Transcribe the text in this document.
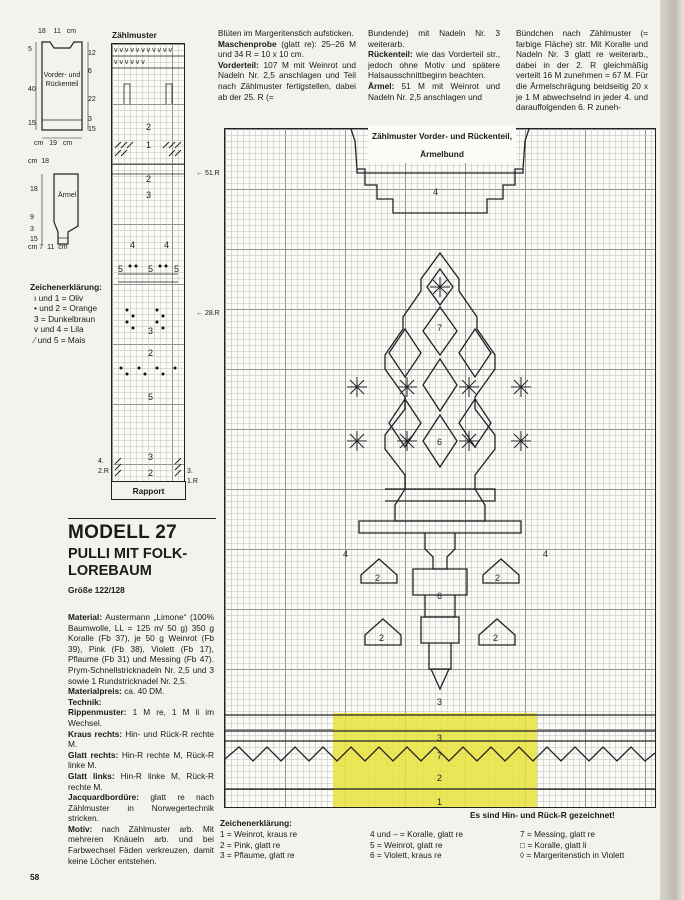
18 11 cm
40
5
15
12
6
22
3
15
Vorder- und Rückenteil
cm 19 cm
cm 18
18
9
3
15
Ärmel
cm 7 11 cm
Zeichenerklärung:
ı und 1 = Oliv
• und 2 = Orange
3 = Dunkelbraun
v und 4 = Lila
⁄ und 5 = Mais
Zählmuster
2
1
2
3
4	4
5	5 5
3
2
5
3
2
v v v v v v v v v v v
v v v v v v
Rapport
← 51.R
← 28.R
4.
2.R	3.
1.R
MODELL 27
PULLI MIT FOLK-LOREBAUM
Größe 122/128
Material: Austermann „Limone“ (100% Baumwolle, LL = 125 m/ 50 g) 350 g Koralle (Fb 37), je 50 g Weinrot (Fb 39), Pink (Fb 38), Violett (Fb 17), Pflaume (Fb 31) und Messing (Fb 47). Prym-Schnellstricknadeln Nr. 2,5 und 3 sowie 1 Rundstricknadel Nr. 2,5.
Materialpreis: ca. 40 DM.
Technik:
Rippenmuster: 1 M re, 1 M li im Wechsel.
Kraus rechts: Hin- und Rück-R rechte M.
Glatt rechts: Hin-R rechte M, Rück-R linke M.
Glatt links: Hin-R linke M, Rück-R rechte M.
Jacquardbordüre: glatt re nach Zählmuster in Norwegertechnik stricken.
Motiv: nach Zählmuster arb. Mit mehreren Knäueln arb. und bei Farbwechsel Fäden verkreuzen, damit keine Löcher entstehen.
Blüten im Margeritenstich aufsticken.
Maschenprobe (glatt re): 25–26 M und 34 R = 10 x 10 cm.
Vorderteil: 107 M mit Weinrot und Nadeln Nr. 2,5 anschlagen und Teil nach Zählmuster fertigstellen, dabei ab der 25. R (=
Bundende) mit Nadeln Nr. 3 weiterarb.
Rückenteil: wie das Vorderteil str., jedoch ohne Motiv und spätere Halsausschnittbeginn beachten.
Ärmel: 51 M mit Weinrot und Nadeln Nr. 2,5 anschlagen und
Bündchen nach Zählmuster (= farbige Fläche) str. Mit Koralle und Nadeln Nr. 3 glatt re weiterarb., dabei in der 2. R gleichmäßig verteilt 16 M zunehmen = 67 M. Für die Ärmelschrägung beidseitig 20 x je 1 M abwechselnd in jeder 4. und darauffolgenden 6. R zuneh-
4
4	4
7
6
6
2	2
2	2
3
2
1
7
3
Zählmuster Vorder- und Rückenteil, Ärmelbund
Es sind Hin- und Rück-R gezeichnet!
Zeichenerklärung:
1 = Weinrot, kraus re
2 = Pink, glatt re
3 = Pflaume, glatt re
4 und – = Koralle, glatt re
5 = Weinrot, glatt re
6 = Violett, kraus re
7 = Messing, glatt re
□ = Koralle, glatt li
◊ = Margeritenstich in Violett
58
